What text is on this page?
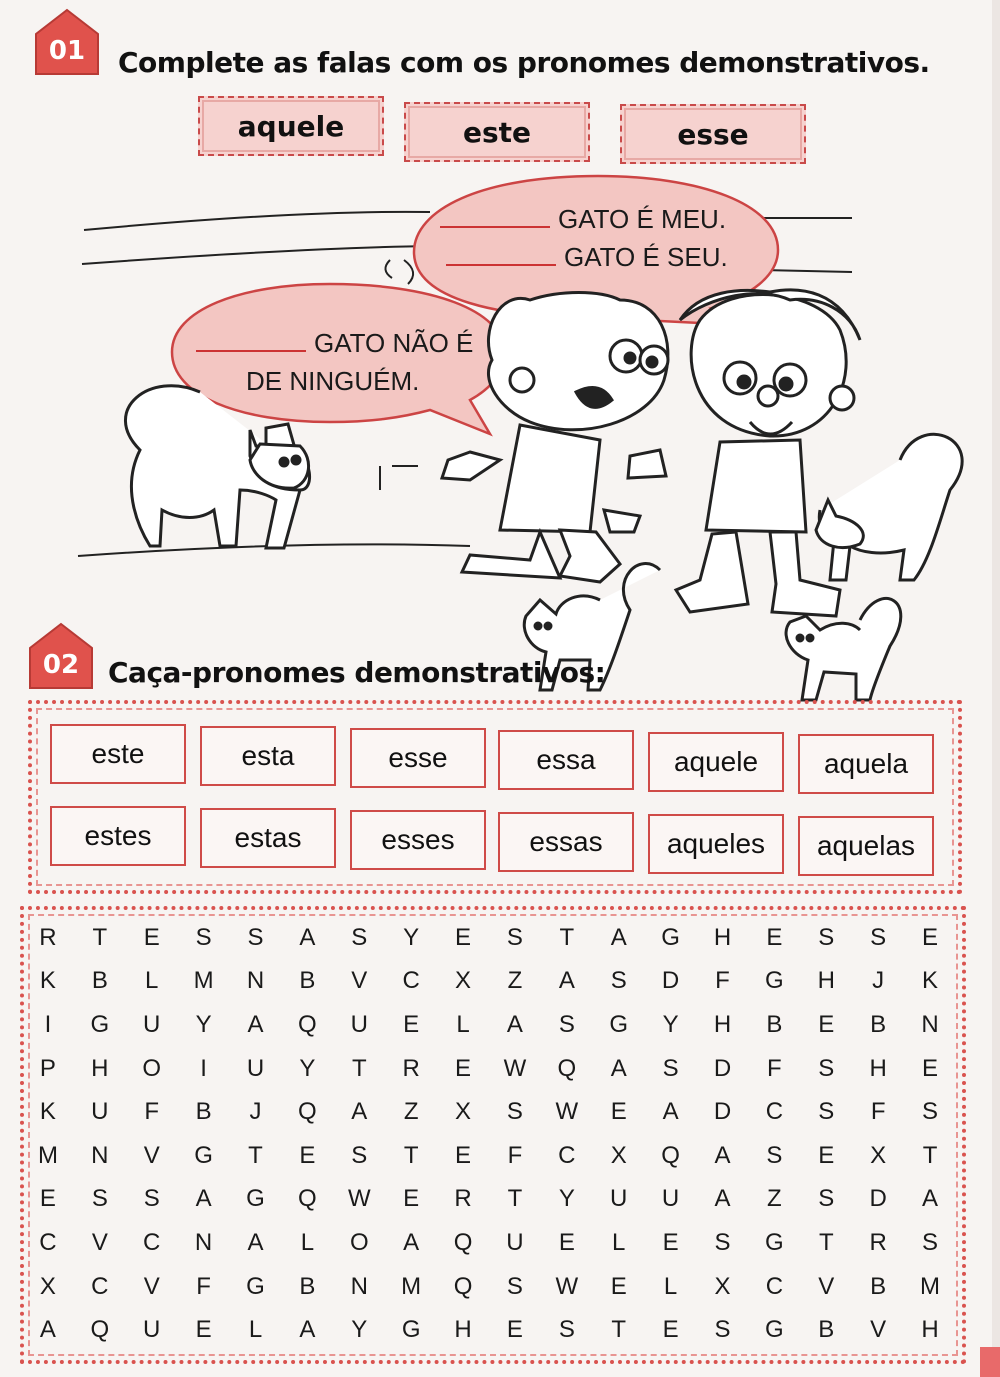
01	Complete as falas com os pronomes demonstrativos.
aquele	este	esse
GATO É MEU.
GATO É SEU.
GATO NÃO É
DE NINGUÉM.
02	Caça-pronomes demonstrativos:
este	esta	esse	essa	aquele	aquela
estes	estas	esses	essas	aqueles	aquelas
R	T	E	S	S	A	S	Y	E	S	T	A	G	H	E	S	S	E
K	B	L	M	N	B	V	C	X	Z	A	S	D	F	G	H	J	K
I	G	U	Y	A	Q	U	E	L	A	S	G	Y	H	B	E	B	N
P	H	O	I	U	Y	T	R	E	W	Q	A	S	D	F	S	H	E
K	U	F	B	J	Q	A	Z	X	S	W	E	A	D	C	S	F	S
M	N	V	G	T	E	S	T	E	F	C	X	Q	A	S	E	X	T
E	S	S	A	G	Q	W	E	R	T	Y	U	U	A	Z	S	D	A
C	V	C	N	A	L	O	A	Q	U	E	L	E	S	G	T	R	S
X	C	V	F	G	B	N	M	Q	S	W	E	L	X	C	V	B	M
A	Q	U	E	L	A	Y	G	H	E	S	T	E	S	G	B	V	H
